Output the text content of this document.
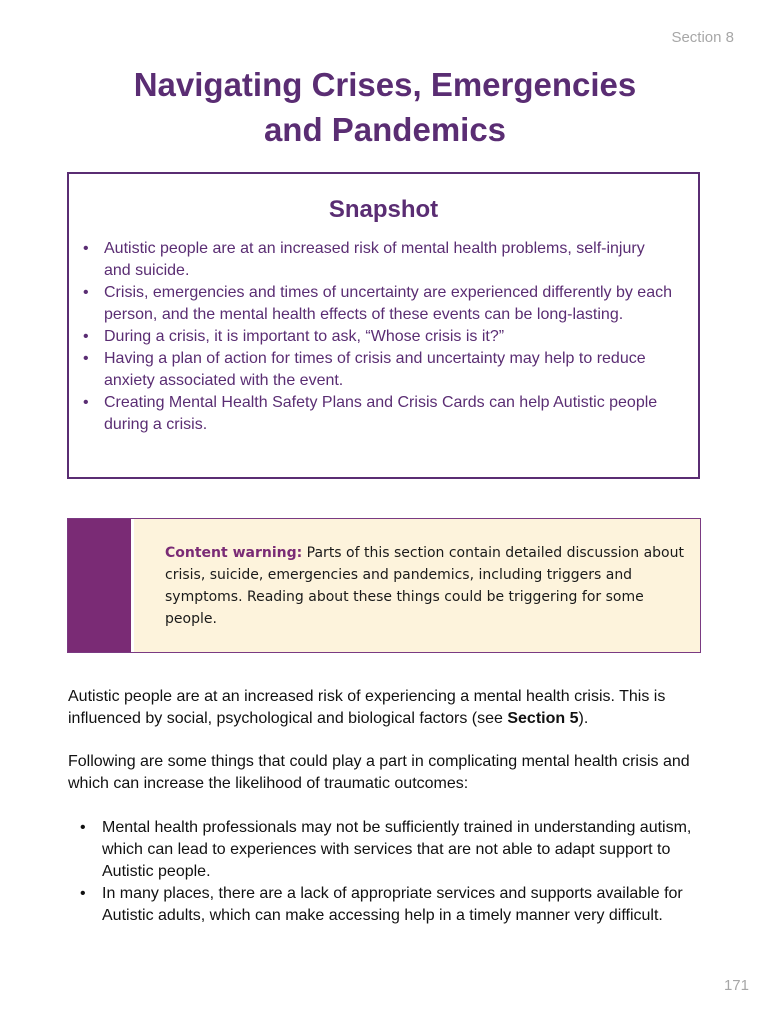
Section 8
Navigating Crises, Emergencies
and Pandemics
Snapshot
• Autistic people are at an increased risk of mental health problems, self-injury and suicide.
• Crisis, emergencies and times of uncertainty are experienced differently by each person, and the mental health effects of these events can be long-lasting.
• During a crisis, it is important to ask, “Whose crisis is it?”
• Having a plan of action for times of crisis and uncertainty may help to reduce anxiety associated with the event.
• Creating Mental Health Safety Plans and Crisis Cards can help Autistic people during a crisis.

Content warning: Parts of this section contain detailed discussion about crisis, suicide, emergencies and pandemics, including triggers and symptoms. Reading about these things could be triggering for some people.

Autistic people are at an increased risk of experiencing a mental health crisis. This is influenced by social, psychological and biological factors (see Section 5).

Following are some things that could play a part in complicating mental health crisis and which can increase the likelihood of traumatic outcomes:

• Mental health professionals may not be sufficiently trained in understanding autism, which can lead to experiences with services that are not able to adapt support to Autistic people.
• In many places, there are a lack of appropriate services and supports available for Autistic adults, which can make accessing help in a timely manner very difficult.
171
